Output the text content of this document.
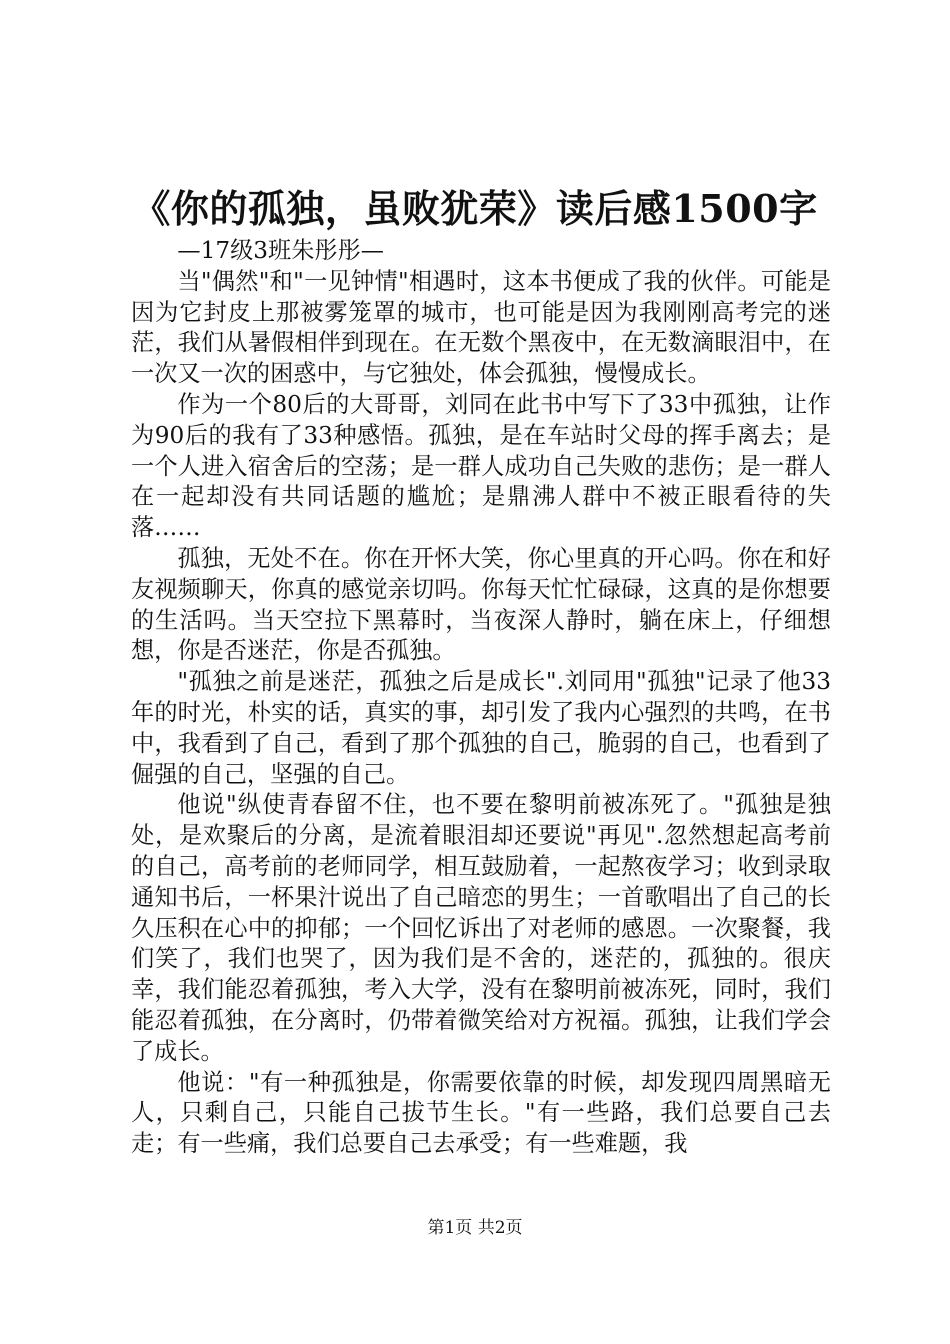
《你的孤独，虽败犹荣》读后感1500字

—17级3班朱彤彤—

当"偶然"和"一见钟情"相遇时，这本书便成了我的伙伴。可能是因为它封皮上那被雾笼罩的城市，也可能是因为我刚刚高考完的迷茫，我们从暑假相伴到现在。在无数个黑夜中，在无数滴眼泪中，在一次又一次的困惑中，与它独处，体会孤独，慢慢成长。

作为一个80后的大哥哥，刘同在此书中写下了33中孤独，让作为90后的我有了33种感悟。孤独，是在车站时父母的挥手离去；是一个人进入宿舍后的空荡；是一群人成功自己失败的悲伤；是一群人在一起却没有共同话题的尴尬；是鼎沸人群中不被正眼看待的失落……

孤独，无处不在。你在开怀大笑，你心里真的开心吗。你在和好友视频聊天，你真的感觉亲切吗。你每天忙忙碌碌，这真的是你想要的生活吗。当天空拉下黑幕时，当夜深人静时，躺在床上，仔细想想，你是否迷茫，你是否孤独。

"孤独之前是迷茫，孤独之后是成长".刘同用"孤独"记录了他33年的时光，朴实的话，真实的事，却引发了我内心强烈的共鸣，在书中，我看到了自己，看到了那个孤独的自己，脆弱的自己，也看到了倔强的自己，坚强的自己。

他说"纵使青春留不住，也不要在黎明前被冻死了。"孤独是独处，是欢聚后的分离，是流着眼泪却还要说"再见".忽然想起高考前的自己，高考前的老师同学，相互鼓励着，一起熬夜学习；收到录取通知书后，一杯果汁说出了自己暗恋的男生；一首歌唱出了自己的长久压积在心中的抑郁；一个回忆诉出了对老师的感恩。一次聚餐，我们笑了，我们也哭了，因为我们是不舍的，迷茫的，孤独的。很庆幸，我们能忍着孤独，考入大学，没有在黎明前被冻死，同时，我们能忍着孤独，在分离时，仍带着微笑给对方祝福。孤独，让我们学会了成长。

他说："有一种孤独是，你需要依靠的时候，却发现四周黑暗无人，只剩自己，只能自己拔节生长。"有一些路，我们总要自己去走；有一些痛，我们总要自己去承受；有一些难题，我

第1页 共2页
